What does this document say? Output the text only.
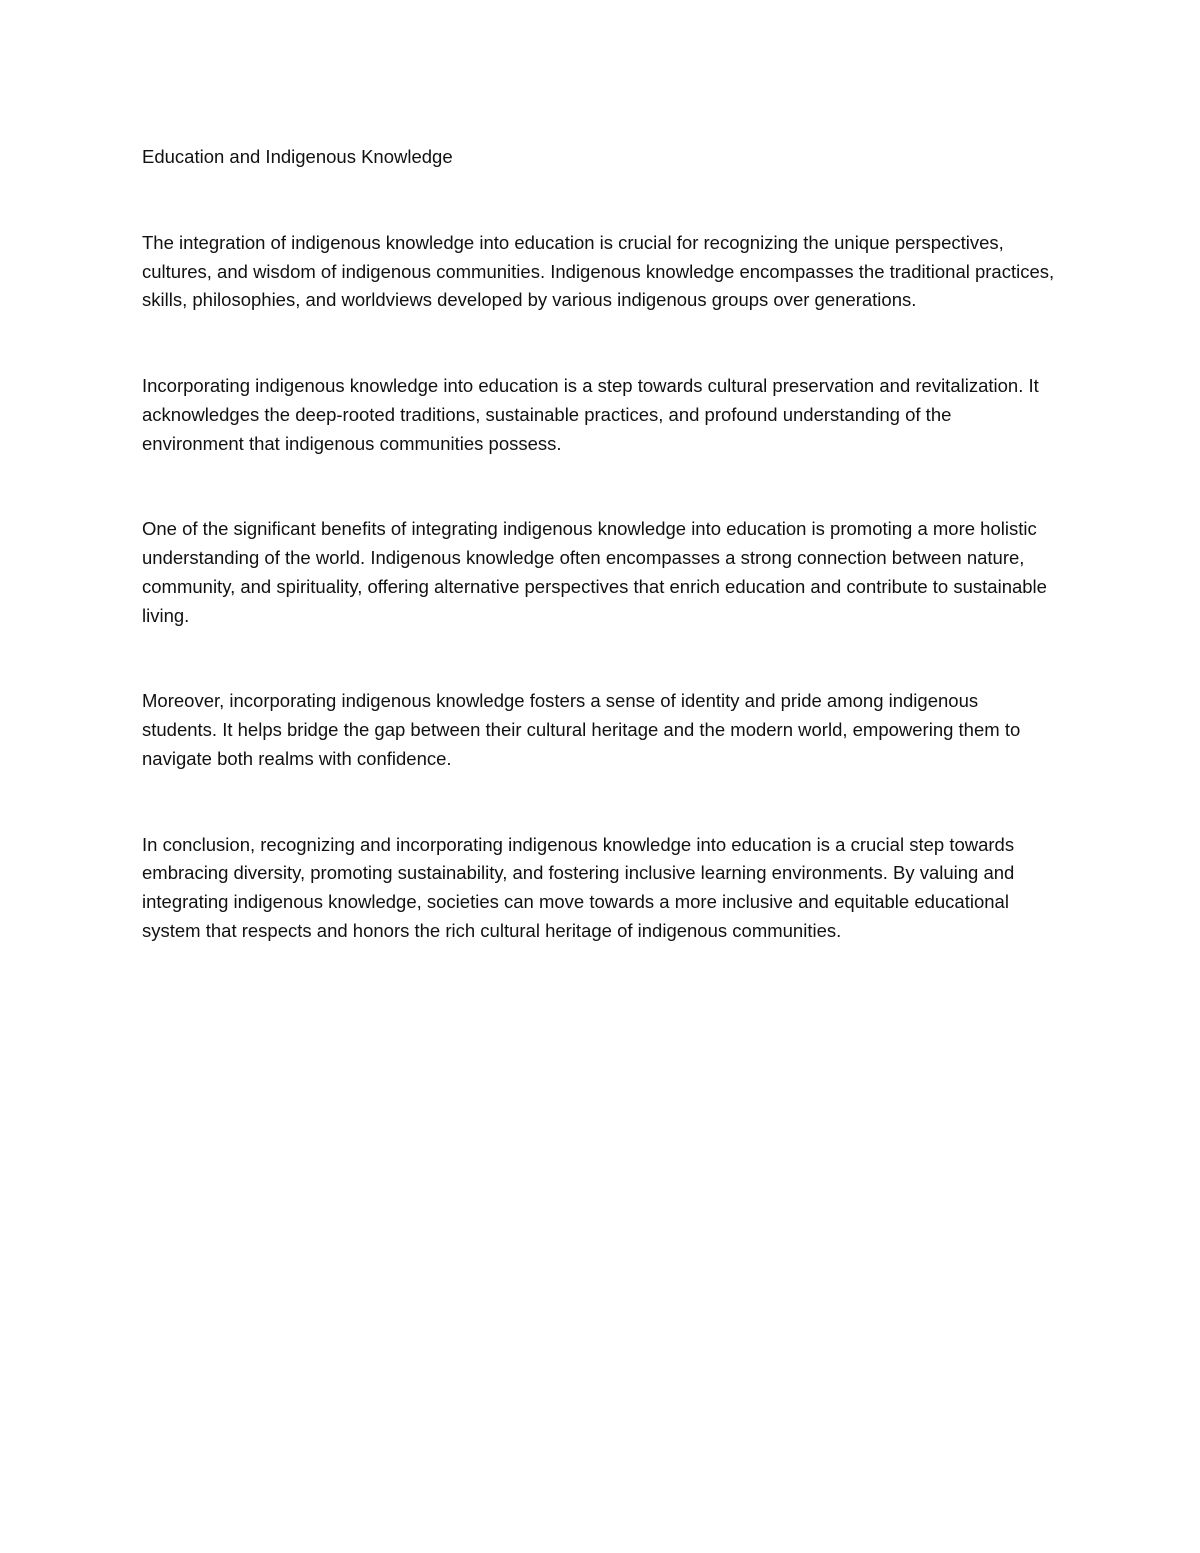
Education and Indigenous Knowledge

The integration of indigenous knowledge into education is crucial for recognizing the unique perspectives, cultures, and wisdom of indigenous communities. Indigenous knowledge encompasses the traditional practices, skills, philosophies, and worldviews developed by various indigenous groups over generations.

Incorporating indigenous knowledge into education is a step towards cultural preservation and revitalization. It acknowledges the deep-rooted traditions, sustainable practices, and profound understanding of the environment that indigenous communities possess.

One of the significant benefits of integrating indigenous knowledge into education is promoting a more holistic understanding of the world. Indigenous knowledge often encompasses a strong connection between nature, community, and spirituality, offering alternative perspectives that enrich education and contribute to sustainable living.

Moreover, incorporating indigenous knowledge fosters a sense of identity and pride among indigenous students. It helps bridge the gap between their cultural heritage and the modern world, empowering them to navigate both realms with confidence.

In conclusion, recognizing and incorporating indigenous knowledge into education is a crucial step towards embracing diversity, promoting sustainability, and fostering inclusive learning environments. By valuing and integrating indigenous knowledge, societies can move towards a more inclusive and equitable educational system that respects and honors the rich cultural heritage of indigenous communities.
